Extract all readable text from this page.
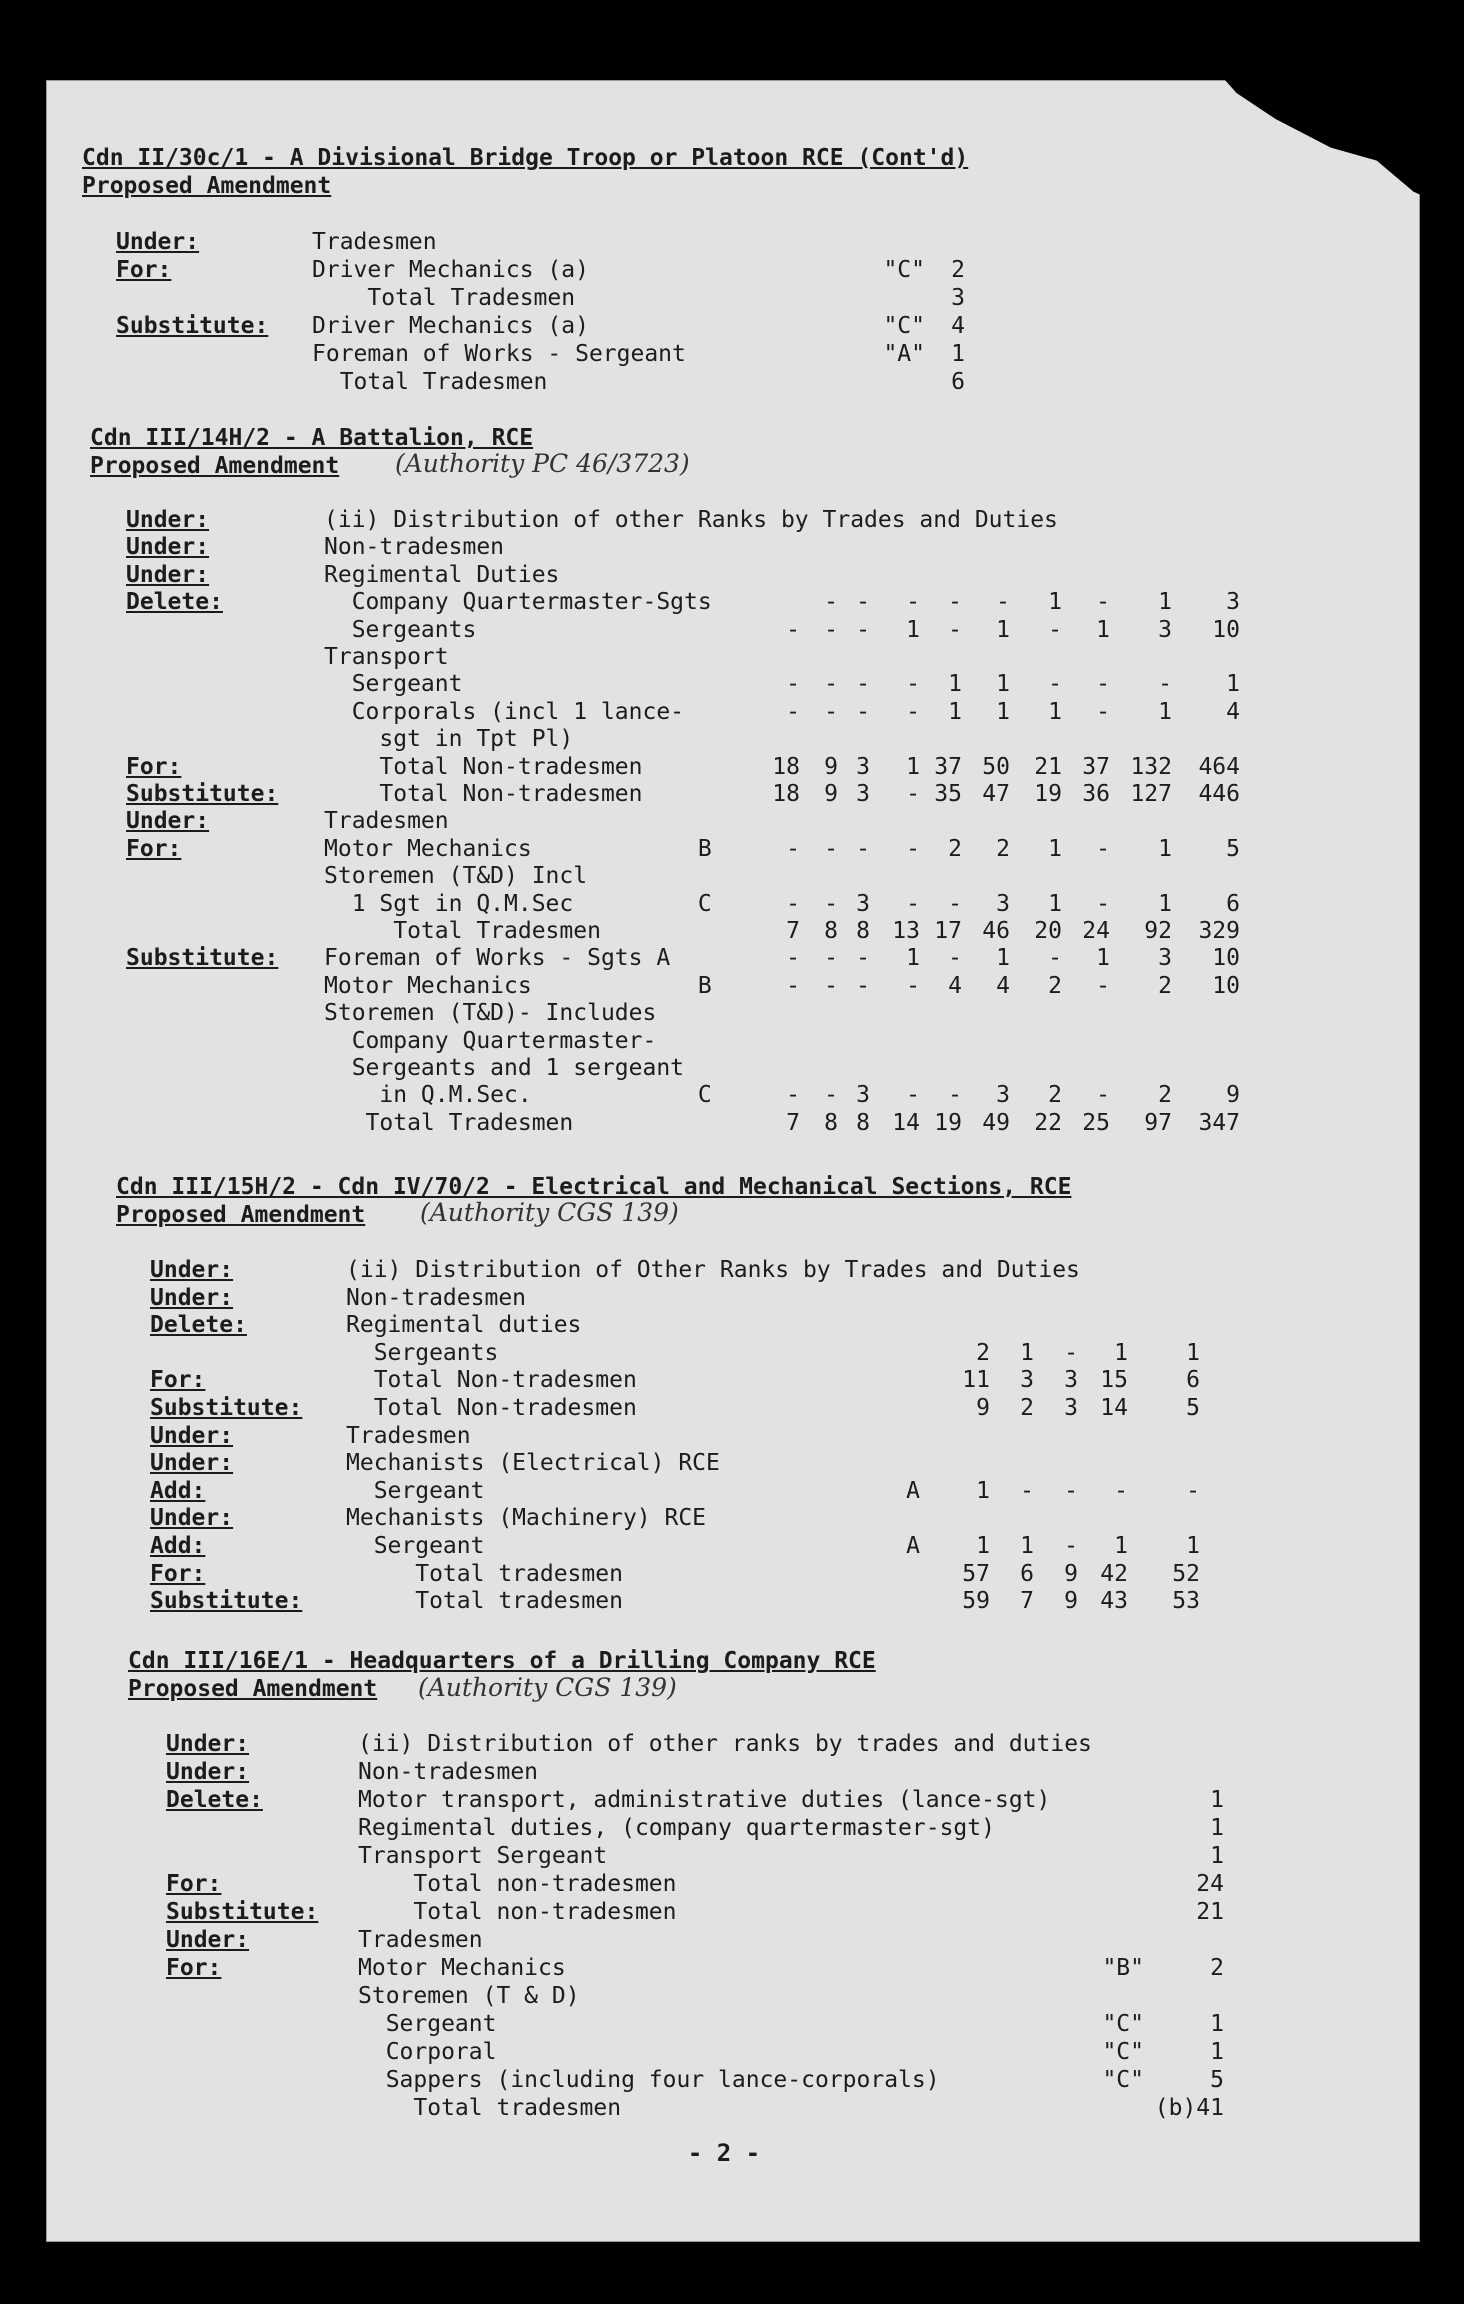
Cdn II/30c/1 - A Divisional Bridge Troop or Platoon RCE (Cont'd)
Proposed Amendment
Under:	Tradesmen
For:	Driver Mechanics (a)	"C"	2
Total Tradesmen	3
Substitute: Driver Mechanics (a)	"C"	4
Foreman of Works - Sergeant	"A"	1
Total Tradesmen	6
Cdn III/14H/2 - A Battalion, RCE
Proposed Amendment (Authority PC 46/3723)
Under:	(ii) Distribution of other Ranks by Trades and Duties
Under:	Non-tradesmen
Under:	Regimental Duties
Delete:	Company Quartermaster-Sgts	- -	-	-	-	1	-	1	3
Sergeants	-	- -	1	-	1	-	1	3	10
Transport
Sergeant	-	- -	-	1	1	-	-	-	1
Corporals (incl 1 lance-	-	- -	-	1	1	1	-	1	4
sgt in Tpt Pl)
For:	Total Non-tradesmen	18	9 3	1 37 50	21 37 132	464
Substitute: Total Non-tradesmen	18	9 3	- 35 47	19 36 127	446
Under:	Tradesmen
For:	Motor Mechanics            B	-	- -	-	2	2	1	-	1	5
Storemen (T&D) Incl
1 Sgt in Q.M.Sec         C	-	- 3	-	-	3	1	-	1	6
Total Tradesmen	7	8 8 13 17 46	20 24	92	329
Substitute: Foreman of Works - Sgts A	-	- -	1	-	1	-	1	3	10
Motor Mechanics            B	-	- -	-	4	4	2	-	2	10
Storemen (T&D)- Includes
Company Quartermaster-
Sergeants and 1 sergeant
in Q.M.Sec.            C	-	- 3	-	-	3	2	-	2	9
Total Tradesmen	7	8 8 14 19 49	22 25	97	347
Cdn III/15H/2 - Cdn IV/70/2 - Electrical and Mechanical Sections, RCE
Proposed Amendment (Authority CGS 139)
Under:	(ii) Distribution of Other Ranks by Trades and Duties
Under:	Non-tradesmen
Delete:	Regimental duties
Sergeants	2	1	-	1	1
For:	Total Non-tradesmen	11	3	3 15	6
Substitute: Total Non-tradesmen	9	2	3 14	5
Under:	Tradesmen
Under:	Mechanists (Electrical) RCE
Add:	Sergeant	A	1	-	-	-	-
Under:	Mechanists (Machinery) RCE
Add:	Sergeant	A	1	1	-	1	1
For:	Total tradesmen	57	6	9 42	52
Substitute: Total tradesmen	59	7	9 43	53
Cdn III/16E/1 - Headquarters of a Drilling Company RCE
Proposed Amendment (Authority CGS 139)
Under:	(ii) Distribution of other ranks by trades and duties
Under:	Non-tradesmen
Delete:	Motor transport, administrative duties (lance-sgt)	1
Regimental duties, (company quartermaster-sgt)	1
Transport Sergeant	1
For:	Total non-tradesmen	24
Substitute: Total non-tradesmen	21
Under:	Tradesmen
For:	Motor Mechanics	"B"	2
Storemen (T & D)
Sergeant	"C"	1
Corporal	"C"	1
Sappers (including four lance-corporals)	"C"	5
Total tradesmen	(b)41
- 2 -
